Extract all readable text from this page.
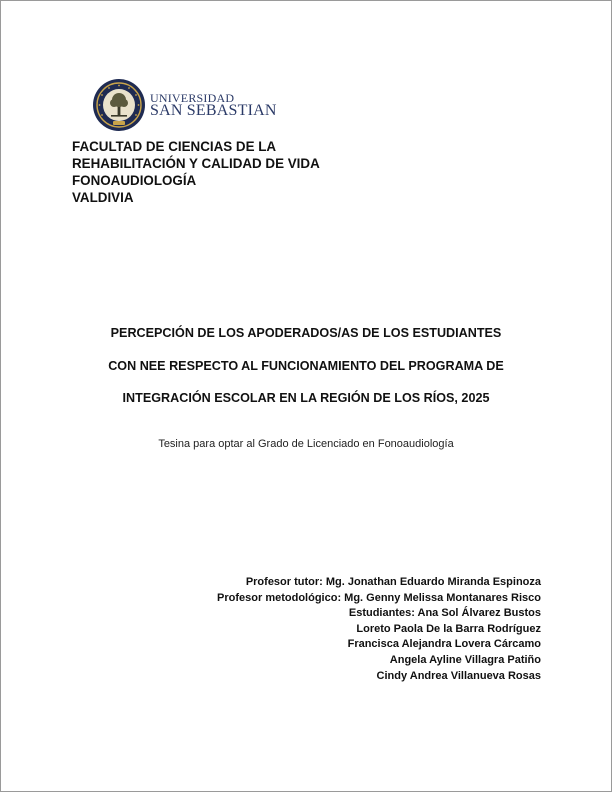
UNIVERSIDAD
SAN SEBASTIAN
FACULTAD DE CIENCIAS DE LA
REHABILITACIÓN Y CALIDAD DE VIDA
FONOAUDIOLOGÍA
VALDIVIA
PERCEPCIÓN DE LOS APODERADOS/AS DE LOS ESTUDIANTES
CON NEE RESPECTO AL FUNCIONAMIENTO DEL PROGRAMA DE
INTEGRACIÓN ESCOLAR EN LA REGIÓN DE LOS RÍOS, 2025
Tesina para optar al Grado de Licenciado en Fonoaudiología
Profesor tutor: Mg. Jonathan Eduardo Miranda Espinoza
Profesor metodológico: Mg. Genny Melissa Montanares Risco
Estudiantes: Ana Sol Álvarez Bustos
Loreto Paola De la Barra Rodríguez
Francisca Alejandra Lovera Cárcamo
Angela Ayline Villagra Patiño
Cindy Andrea Villanueva Rosas
